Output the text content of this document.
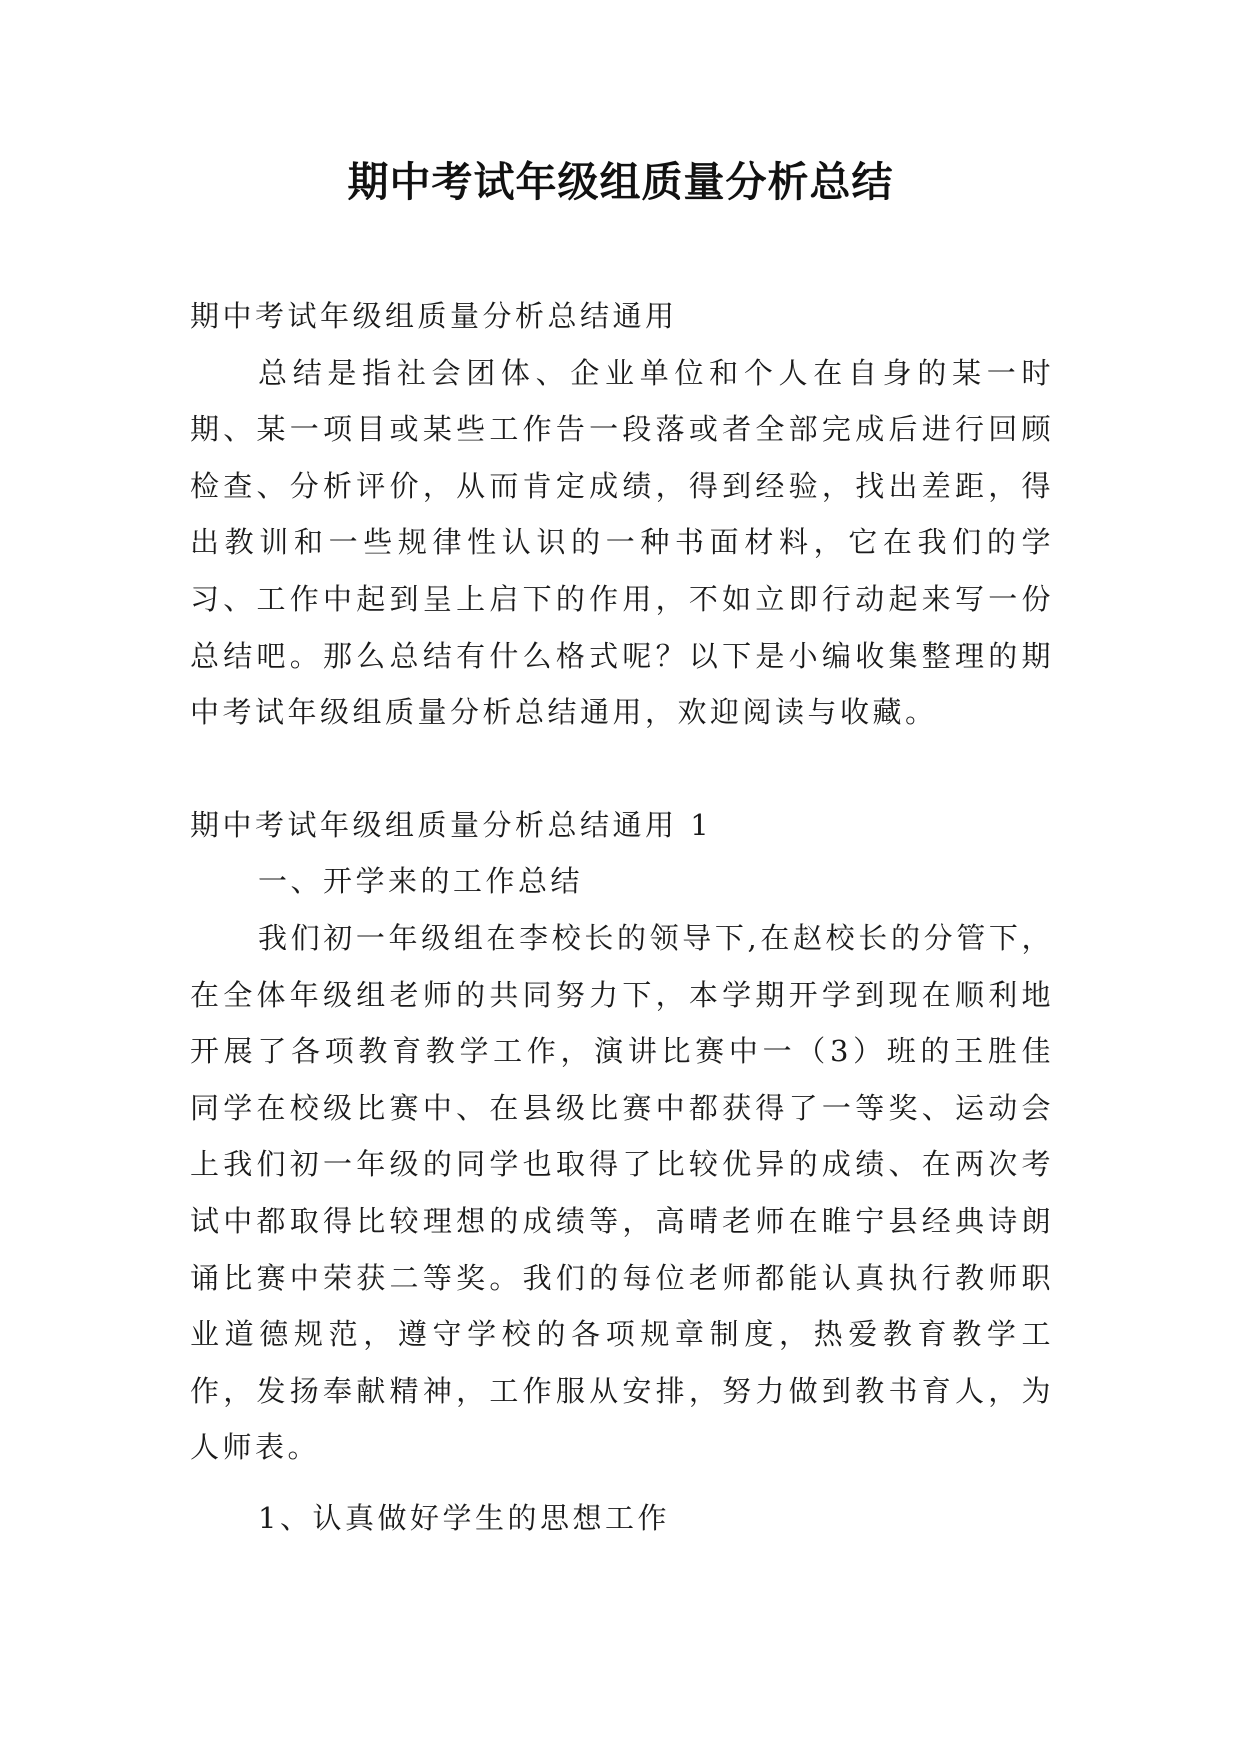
期中考试年级组质量分析总结

期中考试年级组质量分析总结通用

总结是指社会团体、企业单位和个人在自身的某一时期、某一项目或某些工作告一段落或者全部完成后进行回顾检查、分析评价，从而肯定成绩，得到经验，找出差距，得出教训和一些规律性认识的一种书面材料，它在我们的学习、工作中起到呈上启下的作用，不如立即行动起来写一份总结吧。那么总结有什么格式呢？以下是小编收集整理的期中考试年级组质量分析总结通用，欢迎阅读与收藏。

期中考试年级组质量分析总结通用 1

一、开学来的工作总结

我们初一年级组在李校长的领导下,在赵校长的分管下，在全体年级组老师的共同努力下，本学期开学到现在顺利地开展了各项教育教学工作，演讲比赛中一（3）班的王胜佳同学在校级比赛中、在县级比赛中都获得了一等奖、运动会上我们初一年级的同学也取得了比较优异的成绩、在两次考试中都取得比较理想的成绩等，高晴老师在睢宁县经典诗朗诵比赛中荣获二等奖。我们的每位老师都能认真执行教师职业道德规范，遵守学校的各项规章制度，热爱教育教学工作，发扬奉献精神，工作服从安排，努力做到教书育人，为人师表。

1、认真做好学生的思想工作
